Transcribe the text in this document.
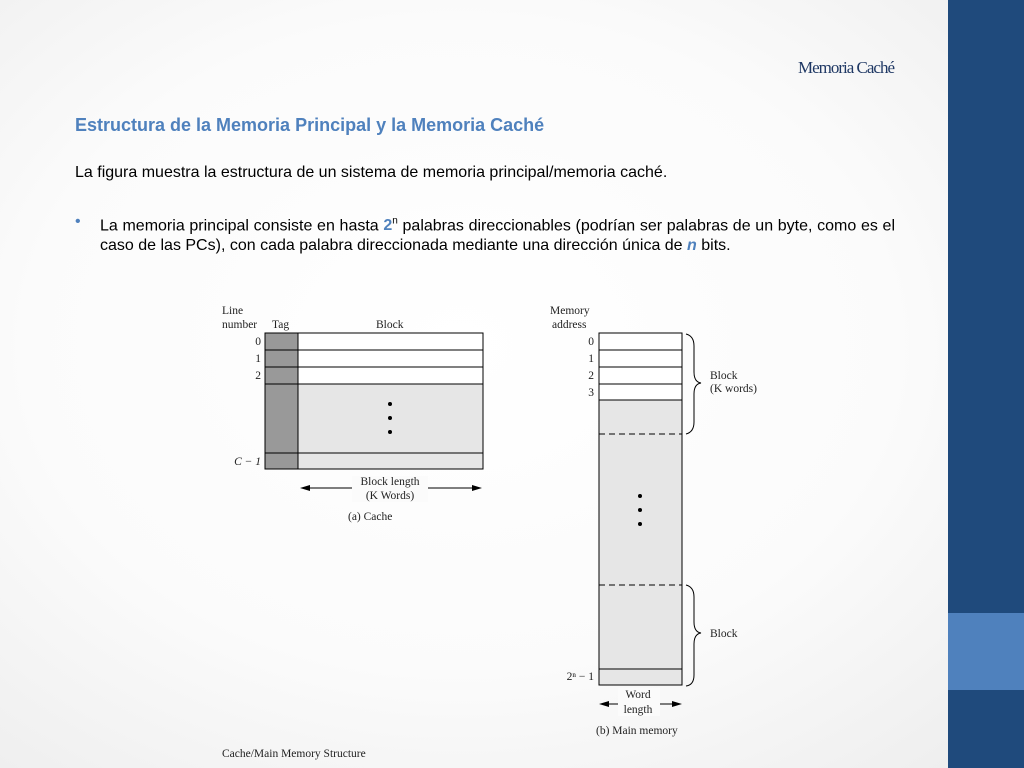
Memoria Caché
Estructura de la Memoria Principal y la Memoria Caché
La figura muestra la estructura de un sistema de memoria principal/memoria caché.
• La memoria principal consiste en hasta 2$^n$ palabras direccionables (podrían ser palabras de un byte, como es el caso de las PCs), con cada palabra direccionada mediante una dirección única de n bits.
Line
number Tag	Block
0
1
2
C − 1
Block length
(K Words)
(a) Cache
Memory
address
0
1
2
3
2ⁿ − 1
Block
(K words)
Block
Word
length
(b) Main memory
Cache/Main Memory Structure
